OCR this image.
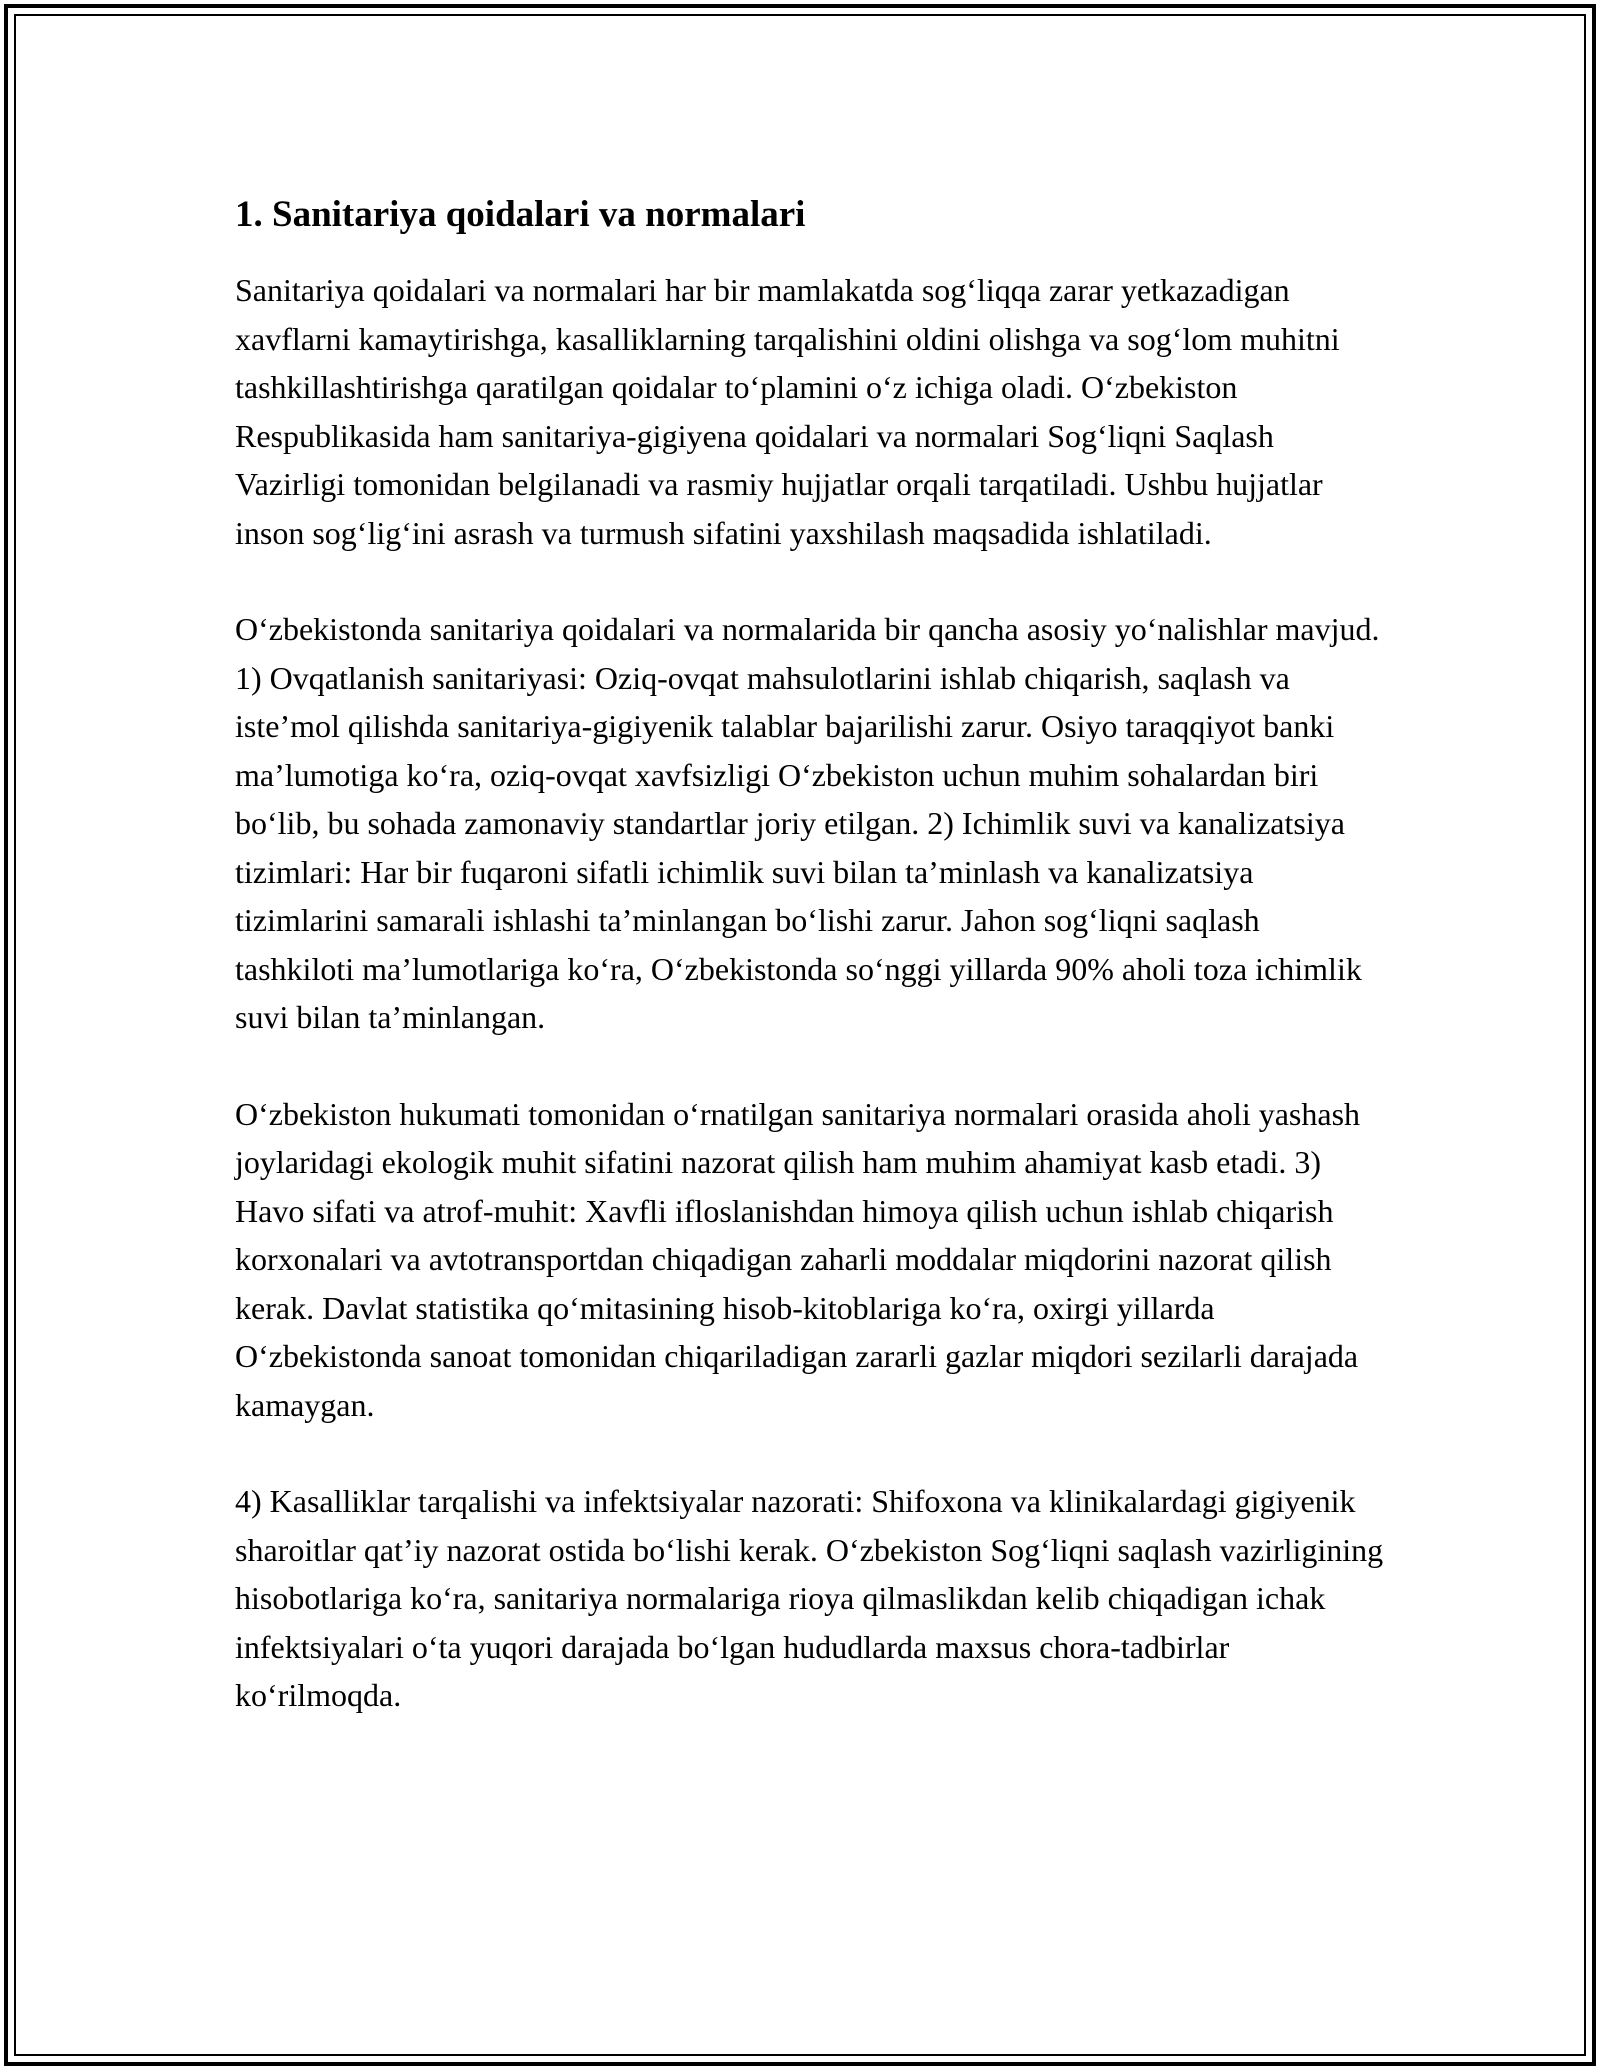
1. Sanitariya qoidalari va normalari

Sanitariya qoidalari va normalari har bir mamlakatda sog‘liqqa zarar yetkazadigan xavflarni kamaytirishga, kasalliklarning tarqalishini oldini olishga va sog‘lom muhitni tashkillashtirishga qaratilgan qoidalar to‘plamini o‘z ichiga oladi. O‘zbekiston Respublikasida ham sanitariya-gigiyena qoidalari va normalari Sog‘liqni Saqlash Vazirligi tomonidan belgilanadi va rasmiy hujjatlar orqali tarqatiladi. Ushbu hujjatlar inson sog‘lig‘ini asrash va turmush sifatini yaxshilash maqsadida ishlatiladi.

O‘zbekistonda sanitariya qoidalari va normalarida bir qancha asosiy yo‘nalishlar mavjud. 1) Ovqatlanish sanitariyasi: Oziq-ovqat mahsulotlarini ishlab chiqarish, saqlash va iste’mol qilishda sanitariya-gigiyenik talablar bajarilishi zarur. Osiyo taraqqiyot banki ma’lumotiga ko‘ra, oziq-ovqat xavfsizligi O‘zbekiston uchun muhim sohalardan biri bo‘lib, bu sohada zamonaviy standartlar joriy etilgan. 2) Ichimlik suvi va kanalizatsiya tizimlari: Har bir fuqaroni sifatli ichimlik suvi bilan ta’minlash va kanalizatsiya tizimlarini samarali ishlashi ta’minlangan bo‘lishi zarur. Jahon sog‘liqni saqlash tashkiloti ma’lumotlariga ko‘ra, O‘zbekistonda so‘nggi yillarda 90% aholi toza ichimlik suvi bilan ta’minlangan.

O‘zbekiston hukumati tomonidan o‘rnatilgan sanitariya normalari orasida aholi yashash joylaridagi ekologik muhit sifatini nazorat qilish ham muhim ahamiyat kasb etadi. 3) Havo sifati va atrof-muhit: Xavfli ifloslanishdan himoya qilish uchun ishlab chiqarish korxonalari va avtotransportdan chiqadigan zaharli moddalar miqdorini nazorat qilish kerak. Davlat statistika qo‘mitasining hisob-kitoblariga ko‘ra, oxirgi yillarda O‘zbekistonda sanoat tomonidan chiqariladigan zararli gazlar miqdori sezilarli darajada kamaygan.

4) Kasalliklar tarqalishi va infektsiyalar nazorati: Shifoxona va klinikalardagi gigiyenik sharoitlar qat’iy nazorat ostida bo‘lishi kerak. O‘zbekiston Sog‘liqni saqlash vazirligining hisobotlariga ko‘ra, sanitariya normalariga rioya qilmaslikdan kelib chiqadigan ichak infektsiyalari o‘ta yuqori darajada bo‘lgan hududlarda maxsus chora-tadbirlar ko‘rilmoqda.
